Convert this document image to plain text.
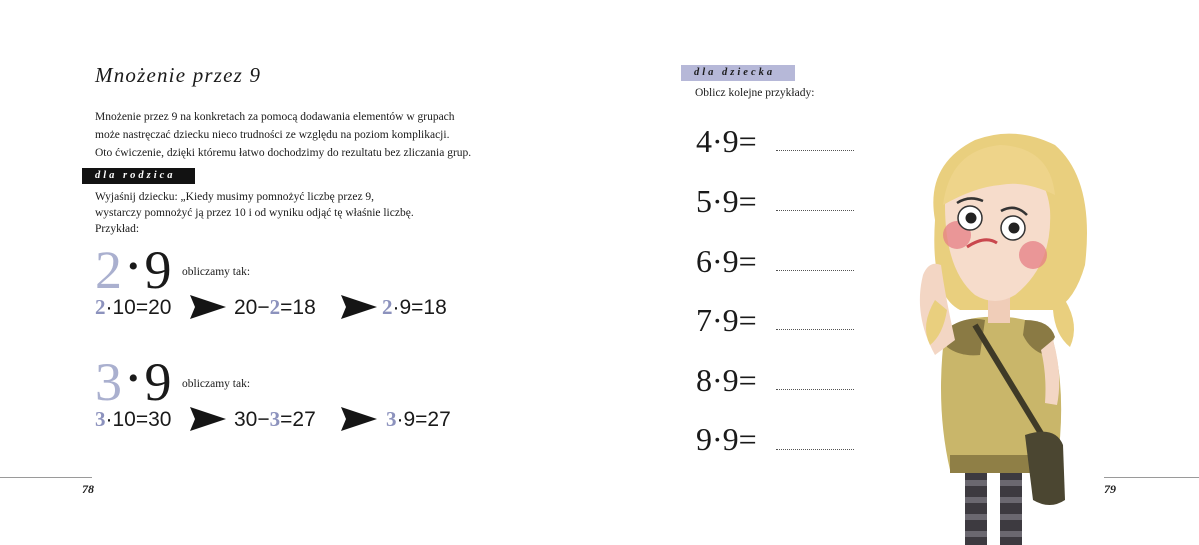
Mnożenie przez 9
Mnożenie przez 9 na konkretach za pomocą dodawania elementów w grupach
może nastręczać dziecku nieco trudności ze względu na poziom komplikacji.
Oto ćwiczenie, dzięki któremu łatwo dochodzimy do rezultatu bez zliczania grup.
dla rodzica
Wyjaśnij dziecku: „Kiedy musimy pomnożyć liczbę przez 9,
wystarczy pomnożyć ją przez 10 i od wyniku odjąć tę właśnie liczbę.
Przykład:
2 • 9 obliczamy tak:
2·10=20	20−2=18	2·9=18
3 • 9 obliczamy tak:
3·10=30	30−3=27	3·9=27
78
dla dziecka
Oblicz kolejne przykłady:
4·9=
5·9=
6·9=
7·9=
8·9=
9·9=
79
